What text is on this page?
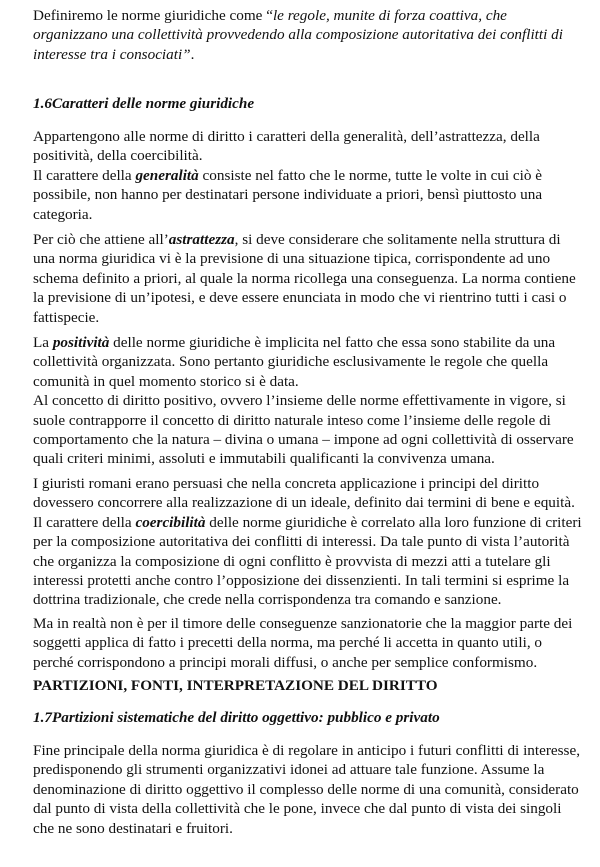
Definiremo le norme giuridiche come “le regole, munite di forza coattiva, che
organizzano una collettività provvedendo alla composizione autoritativa dei conflitti di
interesse tra i consociati”.
1.6Caratteri delle norme giuridiche
Appartengono alle norme di diritto i caratteri della generalità, dell’astrattezza, della
positività, della coercibilità.
Il carattere della generalità consiste nel fatto che le norme, tutte le volte in cui ciò è
possibile, non hanno per destinatari persone individuate a priori, bensì piuttosto una
categoria.
Per ciò che attiene all’astrattezza, si deve considerare che solitamente nella struttura di
una norma giuridica vi è la previsione di una situazione tipica, corrispondente ad uno
schema definito a priori, al quale la norma ricollega una conseguenza. La norma contiene
la previsione di un’ipotesi, e deve essere enunciata in modo che vi rientrino tutti i casi o
fattispecie.
La positività delle norme giuridiche è implicita nel fatto che essa sono stabilite da una
collettività organizzata. Sono pertanto giuridiche esclusivamente le regole che quella
comunità in quel momento storico si è data.
Al concetto di diritto positivo, ovvero l’insieme delle norme effettivamente in vigore, si
suole contrapporre il concetto di diritto naturale inteso come l’insieme delle regole di
comportamento che la natura – divina o umana – impone ad ogni collettività di osservare
quali criteri minimi, assoluti e immutabili qualificanti la convivenza umana.
I giuristi romani erano persuasi che nella concreta applicazione i principi del diritto
dovessero concorrere alla realizzazione di un ideale, definito dai termini di bene e equità.
Il carattere della coercibilità delle norme giuridiche è correlato alla loro funzione di criteri
per la composizione autoritativa dei conflitti di interessi. Da tale punto di vista l’autorità
che organizza la composizione di ogni conflitto è provvista di mezzi atti a tutelare gli
interessi protetti anche contro l’opposizione dei dissenzienti. In tali termini si esprime la
dottrina tradizionale, che crede nella corrispondenza tra comando e sanzione.
Ma in realtà non è per il timore delle conseguenze sanzionatorie che la maggior parte dei
soggetti applica di fatto i precetti della norma, ma perché li accetta in quanto utili, o
perché corrispondono a principi morali diffusi, o anche per semplice conformismo.
PARTIZIONI, FONTI, INTERPRETAZIONE DEL DIRITTO
1.7Partizioni sistematiche del diritto oggettivo: pubblico e privato
Fine principale della norma giuridica è di regolare in anticipo i futuri conflitti di interesse,
predisponendo gli strumenti organizzativi idonei ad attuare tale funzione. Assume la
denominazione di diritto oggettivo il complesso delle norme di una comunità, considerato
dal punto di vista della collettività che le pone, invece che dal punto di vista dei singoli
che ne sono destinatari e fruitori.
